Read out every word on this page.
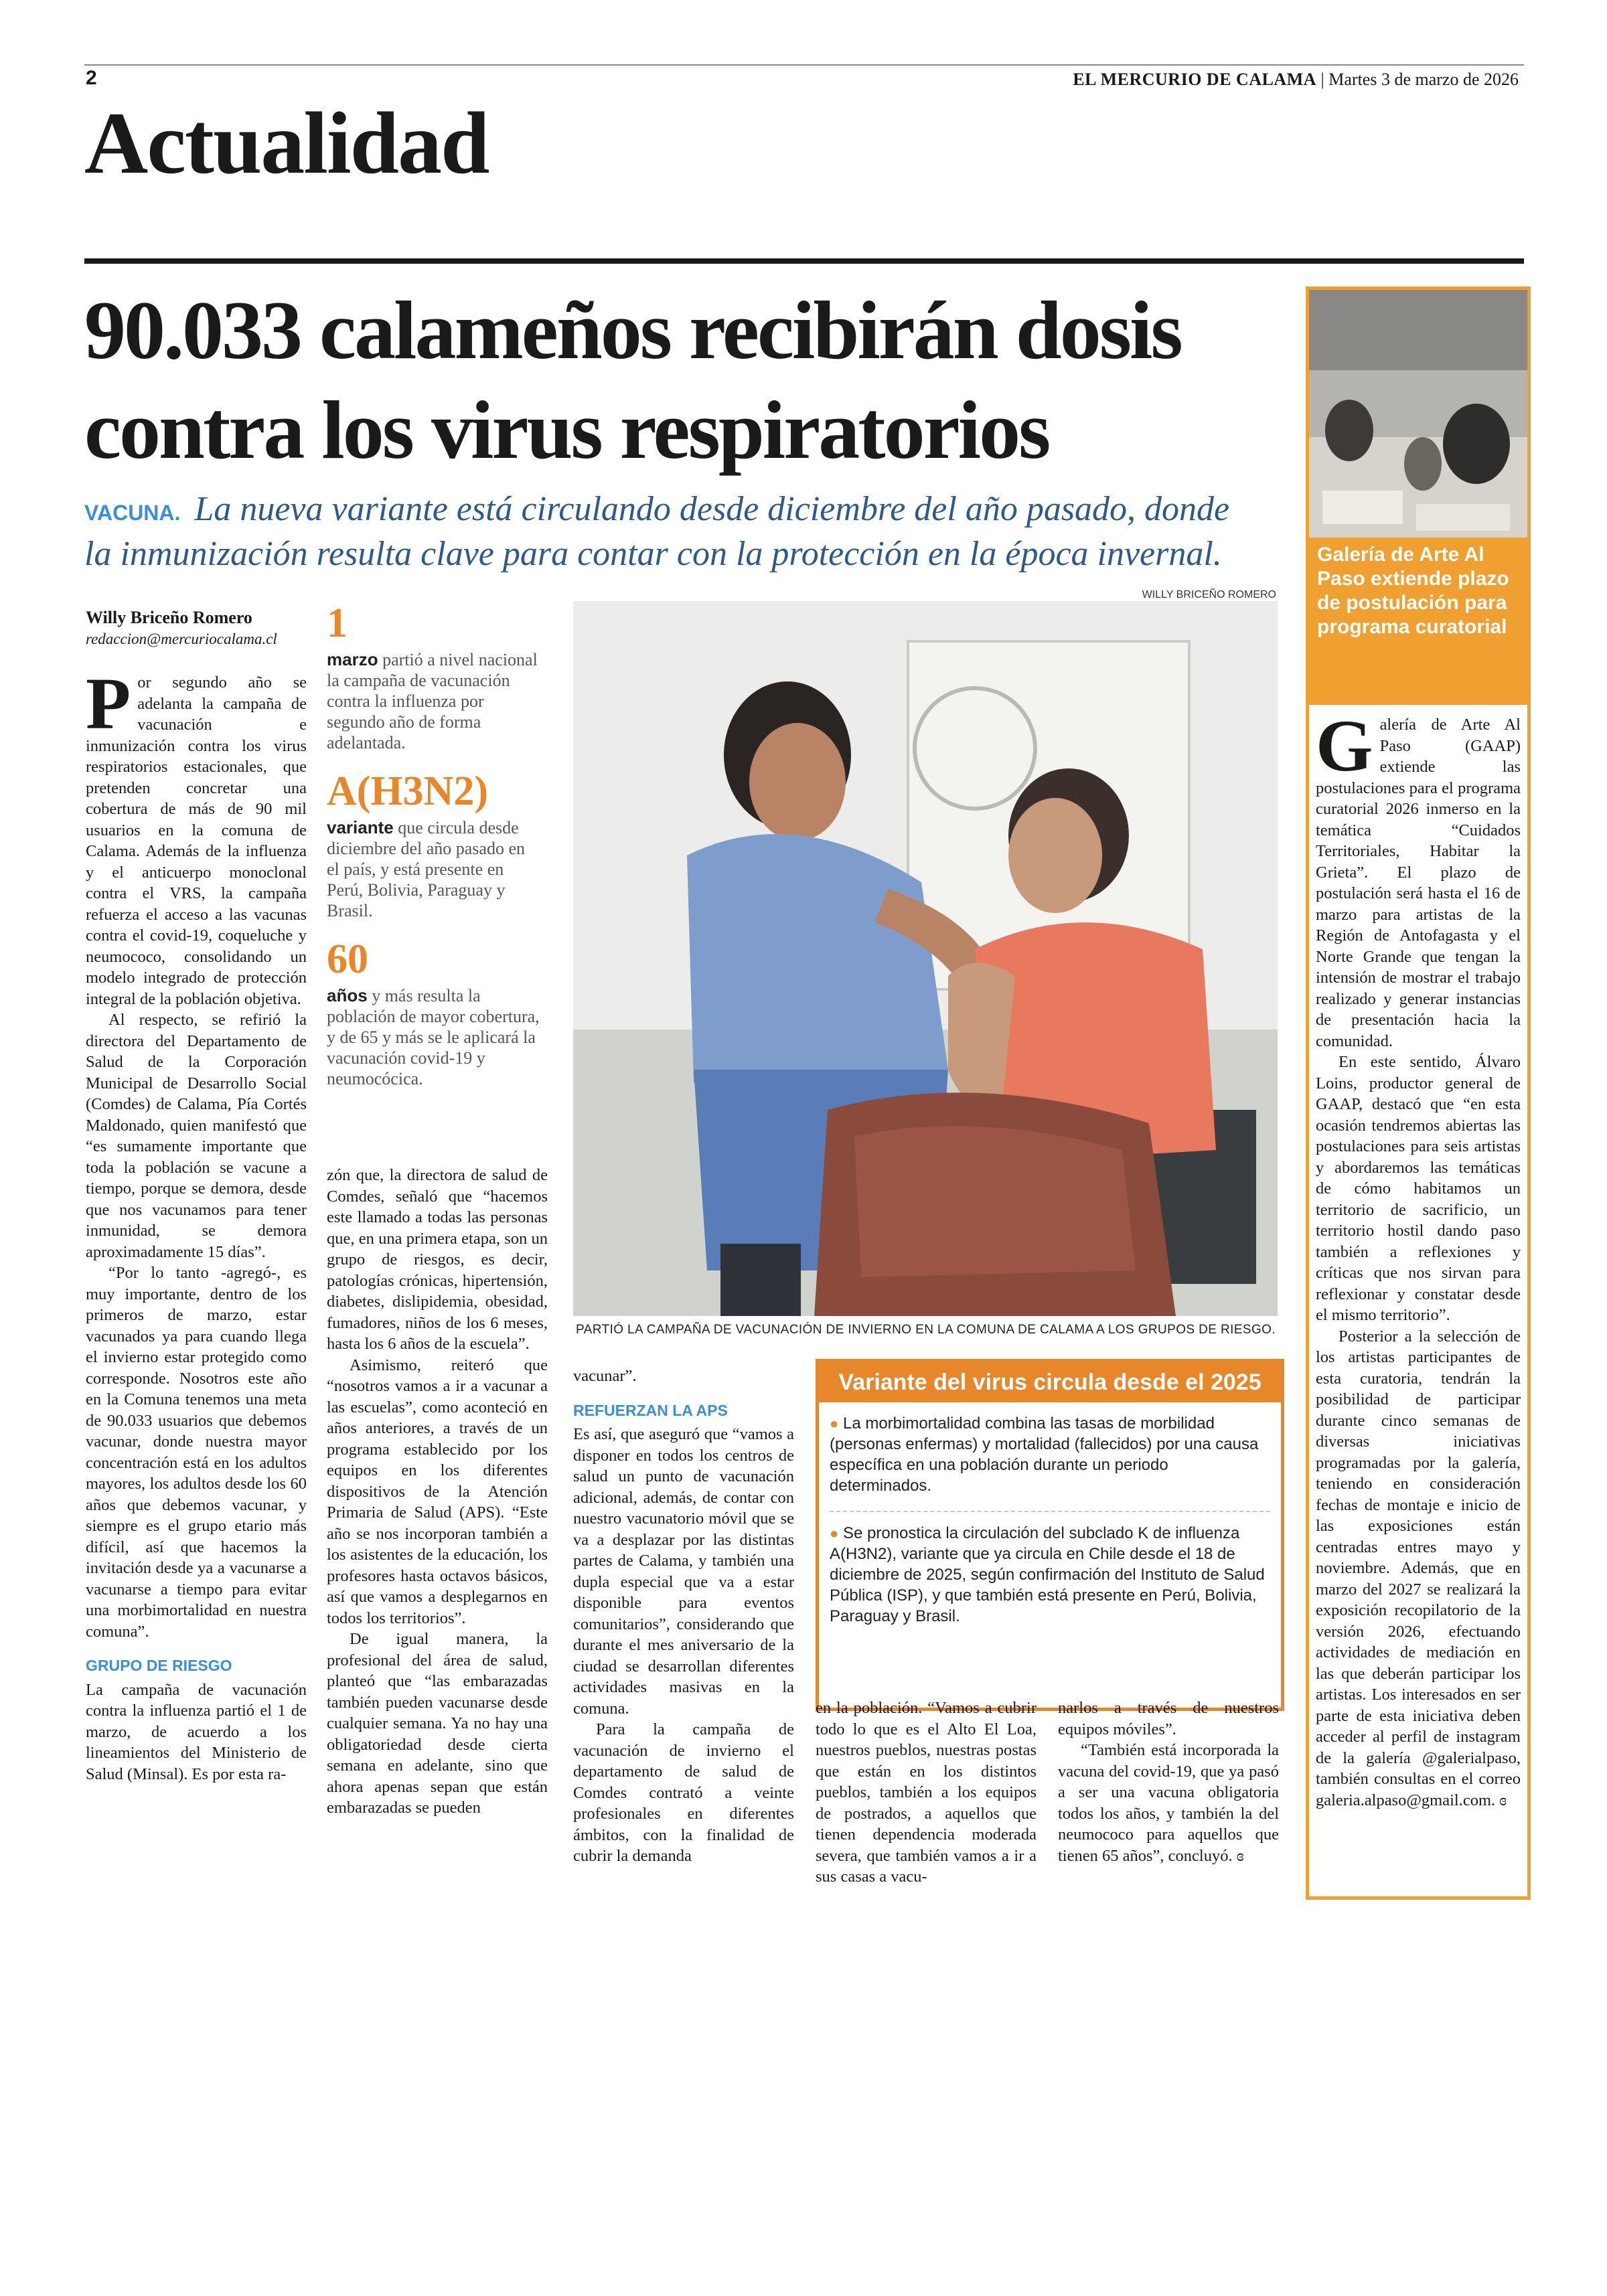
2	EL MERCURIO DE CALAMA | Martes 3 de marzo de 2026
Actualidad
90.033 calameños recibirán dosis
contra los virus respiratorios
VACUNA. La nueva variante está circulando desde diciembre del año pasado, donde
la inmunización resulta clave para contar con la protección en la época invernal.
Willy Briceño Romero
redaccion@mercuriocalama.cl

Por segundo año se adelanta la campaña de vacunación e inmunización contra los virus respiratorios estacionales, que pretenden concretar una cobertura de más de 90 mil usuarios en la comuna de Calama. Además de la influenza y el anticuerpo monoclonal contra el VRS, la campaña refuerza el acceso a las vacunas contra el covid-19, coqueluche y neumococo, consolidando un modelo integrado de protección integral de la población objetiva.

Al respecto, se refirió la directora del Departamento de Salud de la Corporación Municipal de Desarrollo Social (Comdes) de Calama, Pía Cortés Maldonado, quien manifestó que “es sumamente importante que toda la población se vacune a tiempo, porque se demora, desde que nos vacunamos para tener inmunidad, se demora aproximadamente 15 días”.

“Por lo tanto -agregó-, es muy importante, dentro de los primeros de marzo, estar vacunados ya para cuando llega el invierno estar protegido como corresponde. Nosotros este año en la Comuna tenemos una meta de 90.033 usuarios que debemos vacunar, donde nuestra mayor concentración está en los adultos mayores, los adultos desde los 60 años que debemos vacunar, y siempre es el grupo etario más difícil, así que hacemos la invitación desde ya a vacunarse a vacunarse a tiempo para evitar una morbimortalidad en nuestra comuna”.

GRUPO DE RIESGO

La campaña de vacunación contra la influenza partió el 1 de marzo, de acuerdo a los lineamientos del Ministerio de Salud (Minsal). Es por esta ra-

1
marzo partió a nivel nacional la campaña de vacunación contra la influenza por segundo año de forma adelantada.
A(H3N2)
variante que circula desde diciembre del año pasado en el país, y está presente en Perú, Bolivia, Paraguay y Brasil.
60
años y más resulta la población de mayor cobertura, y de 65 y más se le aplicará la vacunación covid-19 y neumocócica.

zón que, la directora de salud de Comdes, señaló que “hacemos este llamado a todas las personas que, en una primera etapa, son un grupo de riesgos, es decir, patologías crónicas, hipertensión, diabetes, dislipidemia, obesidad, fumadores, niños de los 6 meses, hasta los 6 años de la escuela”.

Asimismo, reiteró que “nosotros vamos a ir a vacunar a las escuelas”, como aconteció en años anteriores, a través de un programa establecido por los equipos en los diferentes dispositivos de la Atención Primaria de Salud (APS). “Este año se nos incorporan también a los asistentes de la educación, los profesores hasta octavos básicos, así que vamos a desplegarnos en todos los territorios”.

De igual manera, la profesional del área de salud, planteó que “las embarazadas también pueden vacunarse desde cualquier semana. Ya no hay una obligatoriedad desde cierta semana en adelante, sino que ahora apenas sepan que están embarazadas se pueden

WILLY BRICEÑO ROMERO
PARTIÓ LA CAMPAÑA DE VACUNACIÓN DE INVIERNO EN LA COMUNA DE CALAMA A LOS GRUPOS DE RIESGO.

vacunar”.

REFUERZAN LA APS

Es así, que aseguró que “vamos a disponer en todos los centros de salud un punto de vacunación adicional, además, de contar con nuestro vacunatorio móvil que se va a desplazar por las distintas partes de Calama, y también una dupla especial que va a estar disponible para eventos comunitarios”, considerando que durante el mes aniversario de la ciudad se desarrollan diferentes actividades masivas en la comuna.

Para la campaña de vacunación de invierno el departamento de salud de Comdes contrató a veinte profesionales en diferentes ámbitos, con la finalidad de cubrir la demanda

Variante del virus circula desde el 2025
● La morbimortalidad combina las tasas de morbilidad (personas enfermas) y mortalidad (fallecidos) por una causa específica en una población durante un periodo determinados.
● Se pronostica la circulación del subclado K de influenza A(H3N2), variante que ya circula en Chile desde el 18 de diciembre de 2025, según confirmación del Instituto de Salud Pública (ISP), y que también está presente en Perú, Bolivia, Paraguay y Brasil.

en la población. “Vamos a cubrir todo lo que es el Alto El Loa, nuestros pueblos, nuestras postas que están en los distintos pueblos, también a los equipos de postrados, a aquellos que tienen dependencia moderada severa, que también vamos a ir a sus casas a vacu-

narlos a través de nuestros equipos móviles”.

“También está incorporada la vacuna del covid-19, que ya pasó a ser una vacuna obligatoria todos los años, y también la del neumococo para aquellos que tienen 65 años”, concluyó. ɞ

Galería de Arte Al Paso extiende plazo de postulación para programa curatorial

Galería de Arte Al Paso (GAAP) extiende las postulaciones para el programa curatorial 2026 inmerso en la temática “Cuidados Territoriales, Habitar la Grieta”. El plazo de postulación será hasta el 16 de marzo para artistas de la Región de Antofagasta y el Norte Grande que tengan la intensión de mostrar el trabajo realizado y generar instancias de presentación hacia la comunidad.

En este sentido, Álvaro Loins, productor general de GAAP, destacó que “en esta ocasión tendremos abiertas las postulaciones para seis artistas y abordaremos las temáticas de cómo habitamos un territorio de sacrificio, un territorio hostil dando paso también a reflexiones y críticas que nos sirvan para reflexionar y constatar desde el mismo territorio”.

Posterior a la selección de los artistas participantes de esta curatoria, tendrán la posibilidad de participar durante cinco semanas de diversas iniciativas programadas por la galería, teniendo en consideración fechas de montaje e inicio de las exposiciones están centradas entres mayo y noviembre. Además, que en marzo del 2027 se realizará la exposición recopilatorio de la versión 2026, efectuando actividades de mediación en las que deberán participar los artistas. Los interesados en ser parte de esta iniciativa deben acceder al perfil de instagram de la galería @galerialpaso, también consultas en el correo galeria.alpaso@gmail.com. ɞ
